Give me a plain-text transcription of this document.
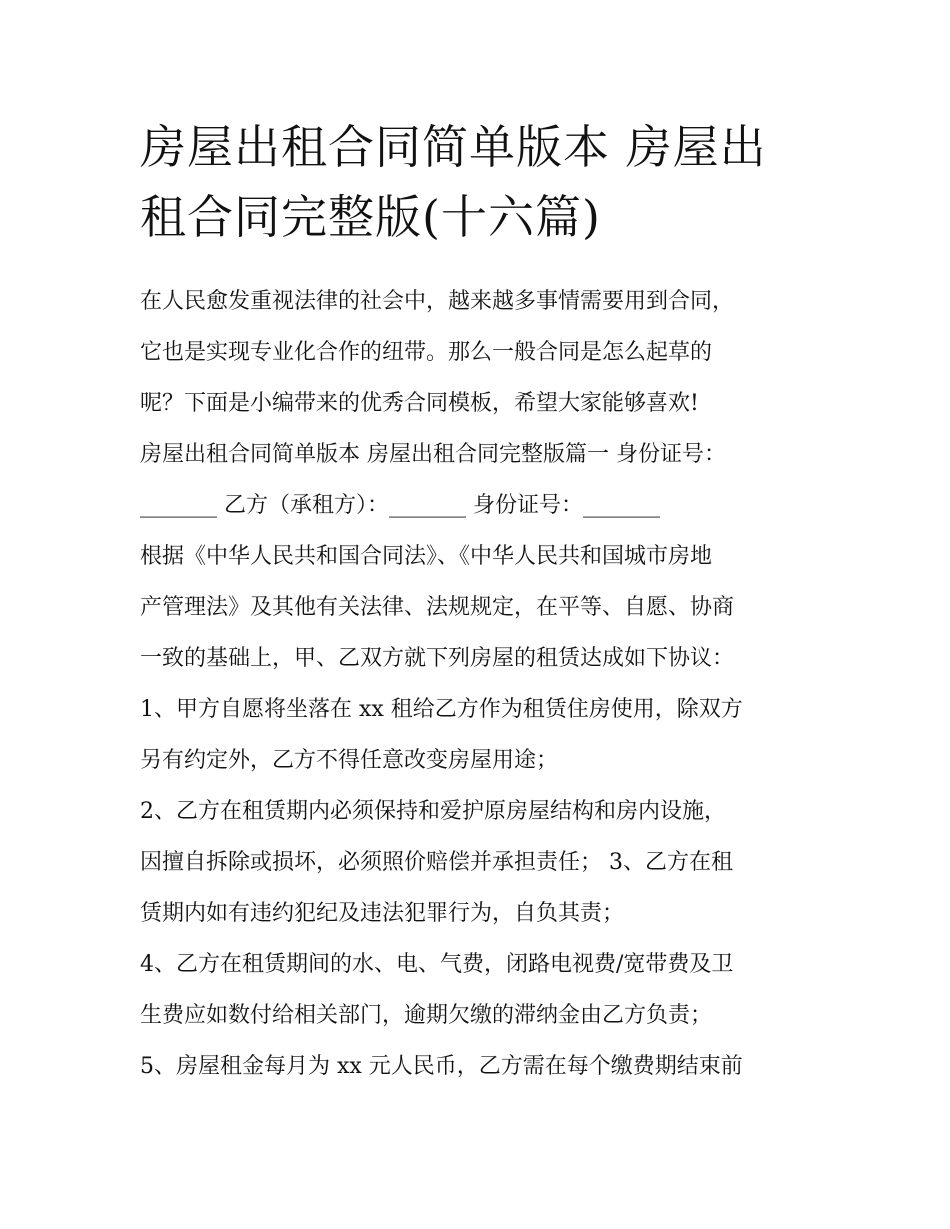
房屋出租合同简单版本 房屋出
租合同完整版(十六篇)
在人民愈发重视法律的社会中，越来越多事情需要用到合同，
它也是实现专业化合作的纽带。那么一般合同是怎么起草的
呢？下面是小编带来的优秀合同模板，希望大家能够喜欢!
房屋出租合同简单版本 房屋出租合同完整版篇一 身份证号：
_______ 乙方（承租方）：_______ 身份证号：_______
根据《中华人民共和国合同法》、《中华人民共和国城市房地
产管理法》及其他有关法律、法规规定，在平等、自愿、协商
一致的基础上，甲、乙双方就下列房屋的租赁达成如下协议：
1、甲方自愿将坐落在 xx 租给乙方作为租赁住房使用，除双方
另有约定外，乙方不得任意改变房屋用途；
2、乙方在租赁期内必须保持和爱护原房屋结构和房内设施，
因擅自拆除或损坏，必须照价赔偿并承担责任； 3、乙方在租
赁期内如有违约犯纪及违法犯罪行为，自负其责；
4、乙方在租赁期间的水、电、气费，闭路电视费/宽带费及卫
生费应如数付给相关部门，逾期欠缴的滞纳金由乙方负责；
5、房屋租金每月为 xx 元人民币，乙方需在每个缴费期结束前
